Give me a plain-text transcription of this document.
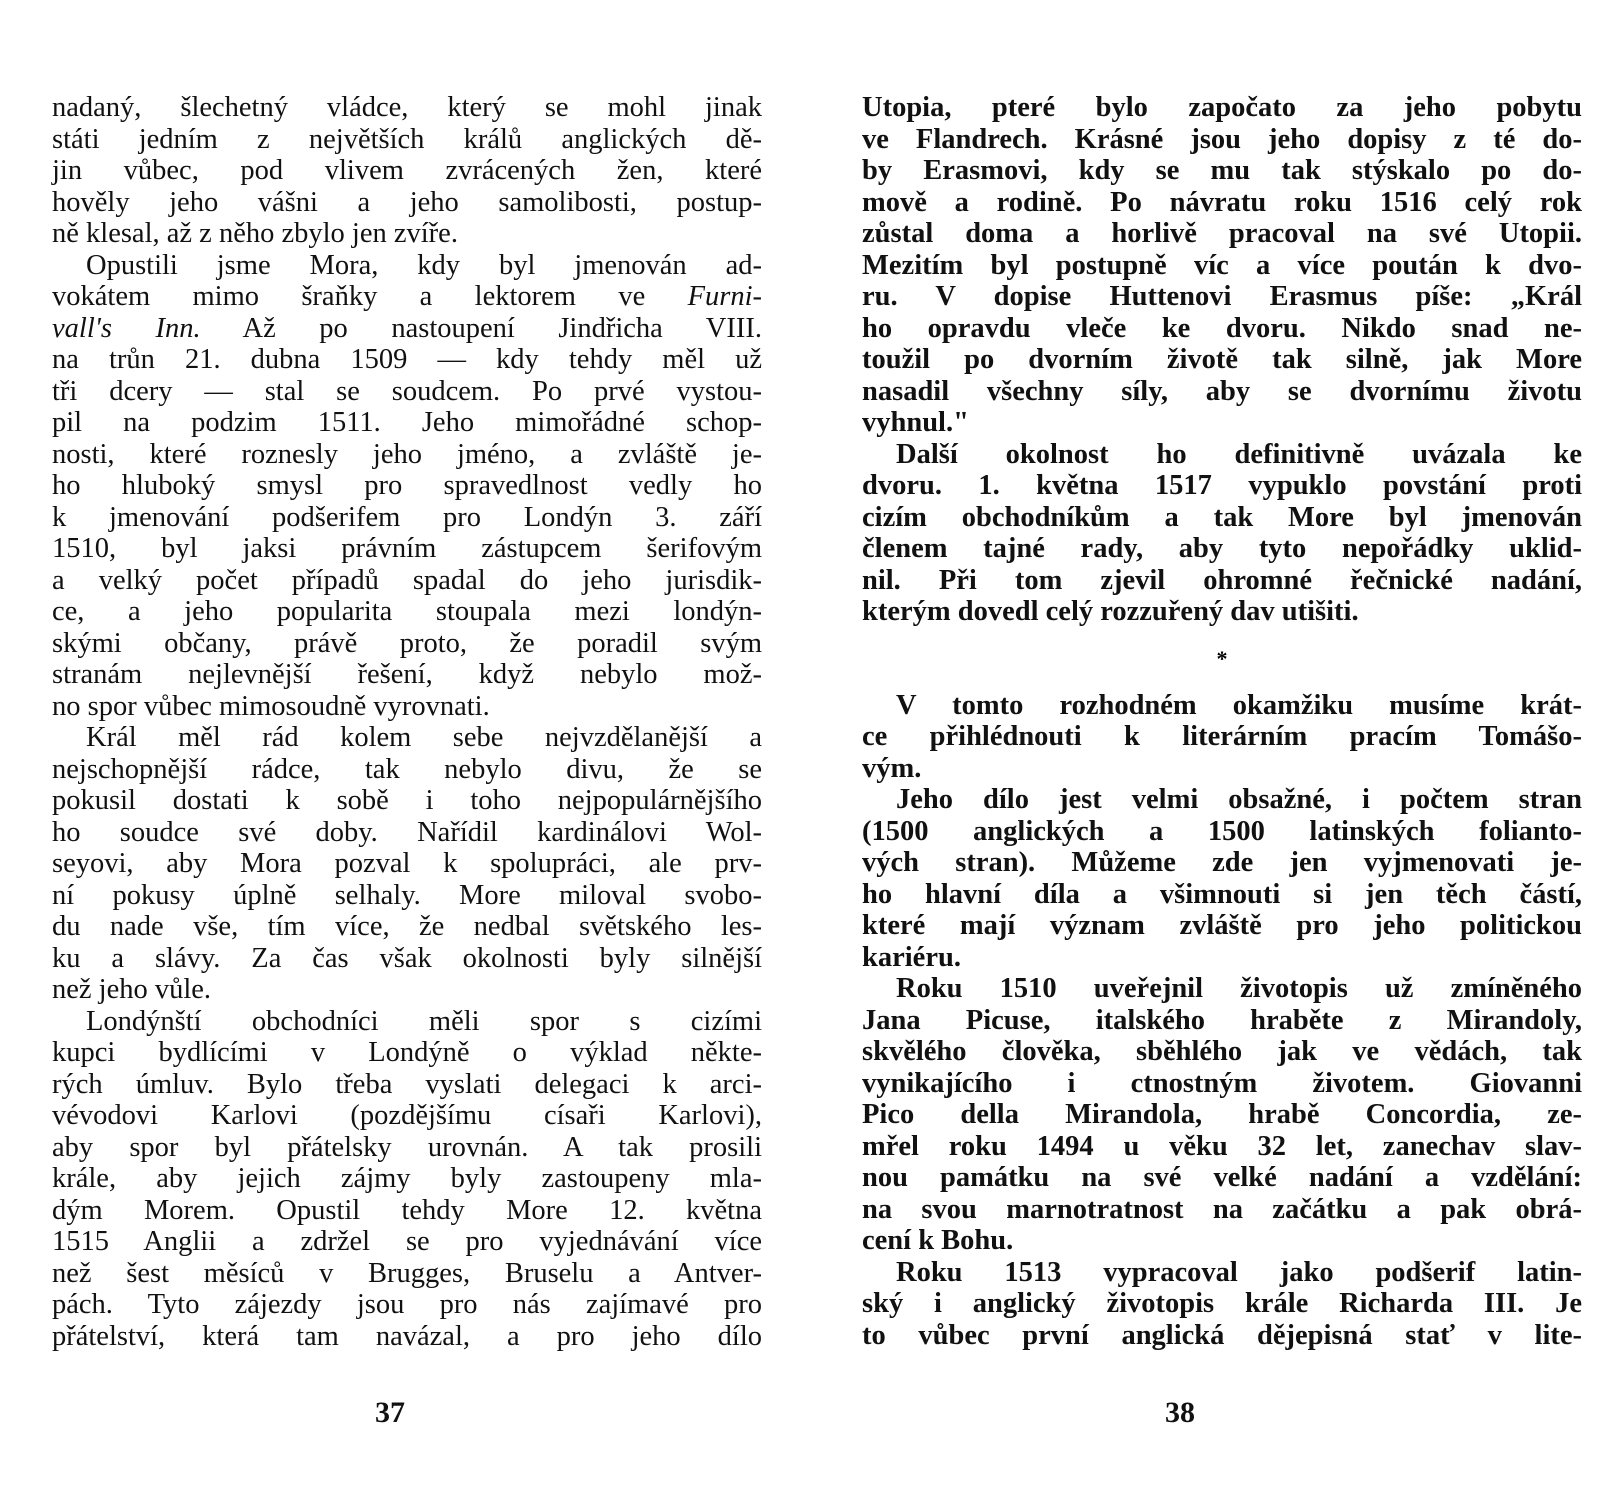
nadaný, šlechetný vládce, který se mohl jinak
státi jedním z největších králů anglických dě-
jin vůbec, pod vlivem zvrácených žen, které
hověly jeho vášni a jeho samolibosti, postup-
ně klesal, až z něho zbylo jen zvíře.
Opustili jsme Mora, kdy byl jmenován ad-
vokátem mimo šraňky a lektorem ve Furni-
vall's Inn. Až po nastoupení Jindřicha VIII.
na trůn 21. dubna 1509 — kdy tehdy měl už
tři dcery — stal se soudcem. Po prvé vystou-
pil na podzim 1511. Jeho mimořádné schop-
nosti, které roznesly jeho jméno, a zvláště je-
ho hluboký smysl pro spravedlnost vedly ho
k jmenování podšerifem pro Londýn 3. září
1510, byl jaksi právním zástupcem šerifovým
a velký počet případů spadal do jeho jurisdik-
ce, a jeho popularita stoupala mezi londýn-
skými občany, právě proto, že poradil svým
stranám nejlevnější řešení, když nebylo mož-
no spor vůbec mimosoudně vyrovnati.
Král měl rád kolem sebe nejvzdělanější a
nejschopnější rádce, tak nebylo divu, že se
pokusil dostati k sobě i toho nejpopulárnějšího
ho soudce své doby. Nařídil kardinálovi Wol-
seyovi, aby Mora pozval k spolupráci, ale prv-
ní pokusy úplně selhaly. More miloval svobo-
du nade vše, tím více, že nedbal světského les-
ku a slávy. Za čas však okolnosti byly silnější
než jeho vůle.
Londýnští obchodníci měli spor s cizími
kupci bydlícími v Londýně o výklad někte-
rých úmluv. Bylo třeba vyslati delegaci k arci-
vévodovi Karlovi (pozdějšímu císaři Karlovi),
aby spor byl přátelsky urovnán. A tak prosili
krále, aby jejich zájmy byly zastoupeny mla-
dým Morem. Opustil tehdy More 12. května
1515 Anglii a zdržel se pro vyjednávání více
než šest měsíců v Brugges, Bruselu a Antver-
pách. Tyto zájezdy jsou pro nás zajímavé pro
přátelství, která tam navázal, a pro jeho dílo
Utopia, pteré bylo započato za jeho pobytu
ve Flandrech. Krásné jsou jeho dopisy z té do-
by Erasmovi, kdy se mu tak stýskalo po do-
mově a rodině. Po návratu roku 1516 celý rok
zůstal doma a horlivě pracoval na své Utopii.
Mezitím byl postupně víc a více poután k dvo-
ru. V dopise Huttenovi Erasmus píše: „Král
ho opravdu vleče ke dvoru. Nikdo snad ne-
toužil po dvorním životě tak silně, jak More
nasadil všechny síly, aby se dvornímu životu
vyhnul."
Další okolnost ho definitivně uvázala ke
dvoru. 1. května 1517 vypuklo povstání proti
cizím obchodníkům a tak More byl jmenován
členem tajné rady, aby tyto nepořádky uklid-
nil. Při tom zjevil ohromné řečnické nadání,
kterým dovedl celý rozzuřený dav utišiti.
*
V tomto rozhodném okamžiku musíme krát-
ce přihlédnouti k literárním pracím Tomášo-
vým.
Jeho dílo jest velmi obsažné, i počtem stran
(1500 anglických a 1500 latinských folianto-
vých stran). Můžeme zde jen vyjmenovati je-
ho hlavní díla a všimnouti si jen těch částí,
které mají význam zvláště pro jeho politickou
kariéru.
Roku 1510 uveřejnil životopis už zmíněného
Jana Picuse, italského hraběte z Mirandoly,
skvělého člověka, sběhlého jak ve vědách, tak
vynikajícího i ctnostným životem. Giovanni
Pico della Mirandola, hrabě Concordia, ze-
mřel roku 1494 u věku 32 let, zanechav slav-
nou památku na své velké nadání a vzdělání:
na svou marnotratnost na začátku a pak obrá-
cení k Bohu.
Roku 1513 vypracoval jako podšerif latin-
ský i anglický životopis krále Richarda III. Je
to vůbec první anglická dějepisná stať v lite-
37	38
